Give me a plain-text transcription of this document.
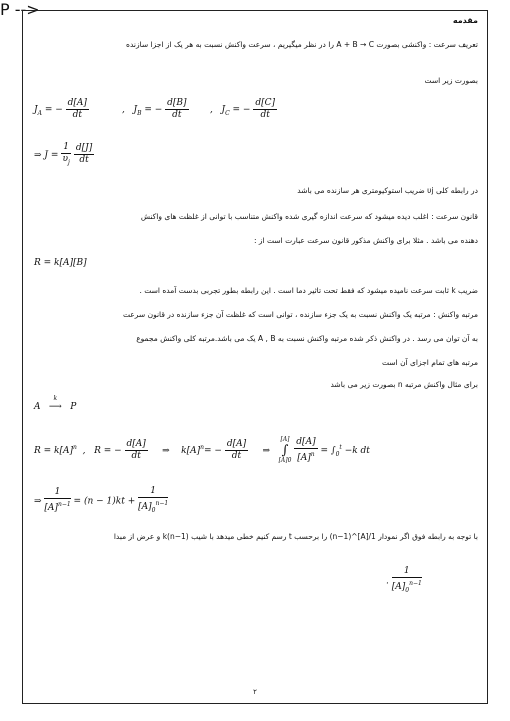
مقدمه
تعریف سرعت : واکنشی بصورت A + B → C را در نظر میگیریم ، سرعت واکنش نسبت به هر یک از اجزا سازنده
بصورت زیر است
$J_A$ = − $\frac{d[A]}{dt}$	,   $J_B$ = − $\frac{d[B]}{dt}$ ,   $J_C$ = − $\frac{d[C]}{dt}$
⇒ $J = \frac{1}{\upsilon_j}$
$\frac{d[J]}{dt}$
در رابطه کلی υj ضریب استوکیومتری هر سازنده می باشد
قانون سرعت : اغلب دیده میشود که سرعت اندازه گیری شده واکنش متناسب با توانی از غلظت های واکنش
دهنده می باشد . مثلا برای واکنش مذکور قانون سرعت عبارت است از :
R = k[A][B]
ضریب k ثابت سرعت نامیده میشود که فقط تحت تاثیر دما است . این رابطه بطور تجربی بدست آمده است .
مرتبه واکنش : مرتبه یک واکنش نسبت به یک جزء سازنده ، توانی است که غلظت آن جزء سازنده در قانون سرعت
به آن توان می رسد . در واکنش ذکر شده مرتبه واکنش نسبت به A , B یک می باشد.مرتبه کلی واکنش مجموع
مرتبه های تمام اجزای آن است
برای مثال واکنش مرتبه n بصورت زیر می باشد
P -->
A
k
⟶ P
$R = k[A]^n$  ,   R = − $\frac{d[A]}{dt}$ ⇒ $k[A]^n= - \frac{d[A]}{dt}$ ⇒
[A]
∫
[A]0
$\frac{d[A]}{[A]^n} = \int_0^t -k$ dt
⇒ $\frac{1}{[A]^{n-1}} = (n - 1)kt + \frac{1}{[A]_0^{n-1}}$
با توجه به رابطه فوق اگر نمودار 1/[A]^(n−1) را برحسب t رسم کنیم خطی میدهد با شیب (n−1)k و عرض از مبدا
. $\frac{1}{[A]_0^{n-1}}$
۲
